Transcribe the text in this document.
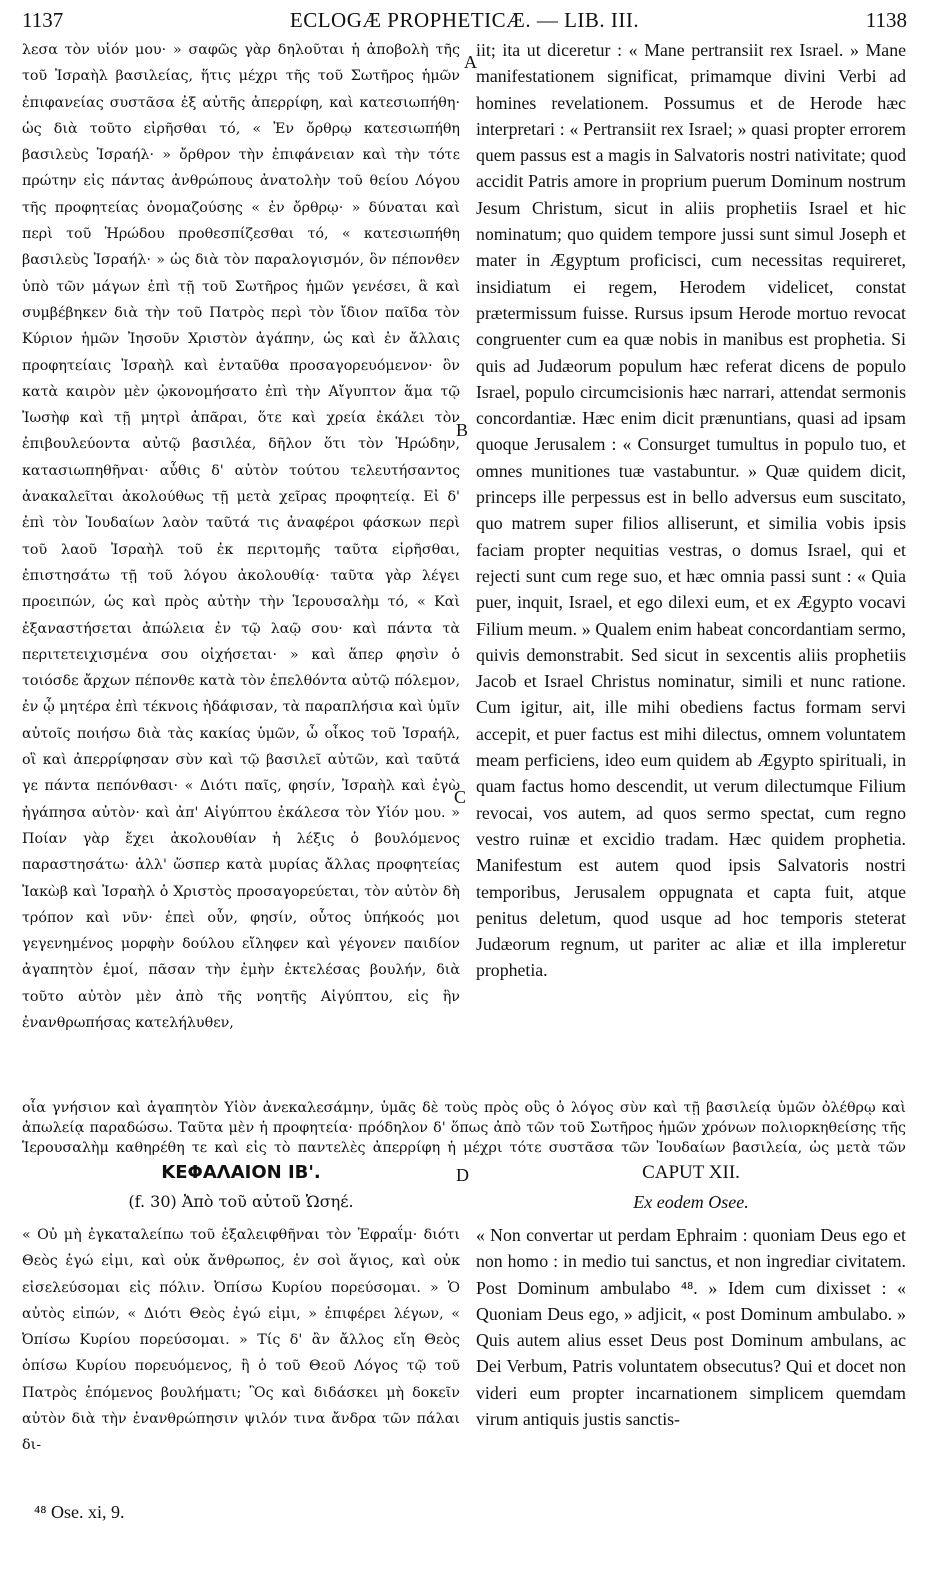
1137	ECLOGÆ PROPHETICÆ. — LIB. III.	1138
λεσα τὸν υἱόν μου· » σαφῶς γὰρ δηλοῦται ἡ ἀποβολὴ τῆς τοῦ Ἰσραὴλ βασιλείας, ἥτις μέχρι τῆς τοῦ Σωτῆρος ἡμῶν ἐπιφανείας συστᾶσα ἐξ αὐτῆς ἀπερρίφη, καὶ κατεσιωπήθη· ὡς διὰ τοῦτο εἰρῆσθαι τό, « Ἐν ὄρθρῳ κατεσιωπήθη βασιλεὺς Ἰσραήλ· » ὄρθρον τὴν ἐπιφάνειαν καὶ τὴν τότε πρώτην εἰς πάντας ἀνθρώπους ἀνατολὴν τοῦ θείου Λόγου τῆς προφητείας ὀνομαζούσης « ἐν ὄρθρῳ· » δύναται καὶ περὶ τοῦ Ἡρώδου προθεσπίζεσθαι τό, « κατεσιωπήθη βασιλεὺς Ἰσραήλ· » ὡς διὰ τὸν παραλογισμόν, ὃν πέπονθεν ὑπὸ τῶν μάγων ἐπὶ τῇ τοῦ Σωτῆρος ἡμῶν γενέσει, ἃ καὶ συμβέβηκεν διὰ τὴν τοῦ Πατρὸς περὶ τὸν ἴδιον παῖδα τὸν Κύριον ἡμῶν Ἰησοῦν Χριστὸν ἀγάπην, ὡς καὶ ἐν ἄλλαις προφητείαις Ἰσραὴλ καὶ ἐνταῦθα προσαγορευόμενον· ὃν κατὰ καιρὸν μὲν ᾠκονομήσατο ἐπὶ τὴν Αἴγυπτον ἅμα τῷ Ἰωσὴφ καὶ τῇ μητρὶ ἀπᾶραι, ὅτε καὶ χρεία ἐκάλει τὸν ἐπιβουλεύοντα αὐτῷ βασιλέα, δῆλον ὅτι τὸν Ἡρώδην, κατασιωπηθῆναι· αὖθις δ' αὐτὸν τούτου τελευτήσαντος ἀνακαλεῖται ἀκολούθως τῇ μετὰ χεῖρας προφητείᾳ. Εἰ δ' ἐπὶ τὸν Ἰουδαίων λαὸν ταῦτά τις ἀναφέροι φάσκων περὶ τοῦ λαοῦ Ἰσραὴλ τοῦ ἐκ περιτομῆς ταῦτα εἰρῆσθαι, ἐπιστησάτω τῇ τοῦ λόγου ἀκολουθίᾳ· ταῦτα γὰρ λέγει προειπών, ὡς καὶ πρὸς αὐτὴν τὴν Ἱερουσαλὴμ τό, « Καὶ ἐξαναστήσεται ἀπώλεια ἐν τῷ λαῷ σου· καὶ πάντα τὰ περιτετειχισμένα σου οἰχήσεται· » καὶ ἅπερ φησὶν ὁ τοιόσδε ἄρχων πέπονθε κατὰ τὸν ἐπελθόντα αὐτῷ πόλεμον, ἐν ᾧ μητέρα ἐπὶ τέκνοις ἠδάφισαν, τὰ παραπλήσια καὶ ὑμῖν αὐτοῖς ποιήσω διὰ τὰς κακίας ὑμῶν, ὦ οἶκος τοῦ Ἰσραήλ, οἳ καὶ ἀπερρίφησαν σὺν καὶ τῷ βασιλεῖ αὐτῶν, καὶ ταῦτά γε πάντα πεπόνθασι· « Διότι παῖς, φησίν, Ἰσραὴλ καὶ ἐγὼ ἠγάπησα αὐτὸν· καὶ ἀπ' Αἰγύπτου ἐκάλεσα τὸν Υἱόν μου. » Ποίαν γὰρ ἔχει ἀκολουθίαν ἡ λέξις ὁ βουλόμενος παραστησάτω· ἀλλ' ὥσπερ κατὰ μυρίας ἄλλας προφητείας Ἰακὼβ καὶ Ἰσραὴλ ὁ Χριστὸς προσαγορεύεται, τὸν αὐτὸν δὴ τρόπον καὶ νῦν· ἐπεὶ οὖν, φησίν, οὗτος ὑπήκοός μοι γεγενημένος μορφὴν δούλου εἴληφεν καὶ γέγονεν παιδίον ἀγαπητὸν ἐμοί, πᾶσαν τὴν ἐμὴν ἐκτελέσας βουλήν, διὰ τοῦτο αὐτὸν μὲν ἀπὸ τῆς νοητῆς Αἰγύπτου, εἰς ἣν ἐνανθρωπήσας κατελήλυθεν,
iit; ita ut diceretur : « Mane pertransiit rex Israel. » Mane manifestationem significat, primamque divini Verbi ad homines revelationem. Possumus et de Herode hæc interpretari : « Pertransiit rex Israel; » quasi propter errorem quem passus est a magis in Salvatoris nostri nativitate; quod accidit Patris amore in proprium puerum Dominum nostrum Jesum Christum, sicut in aliis prophetiis Israel et hic nominatum; quo quidem tempore jussi sunt simul Joseph et mater in Ægyptum proficisci, cum necessitas requireret, insidiatum ei regem, Herodem videlicet, constat prætermissum fuisse. Rursus ipsum Herode mortuo revocat congruenter cum ea quæ nobis in manibus est prophetia. Si quis ad Judæorum populum hæc referat dicens de populo Israel, populo circumcisionis hæc narrari, attendat sermonis concordantiæ. Hæc enim dicit prænuntians, quasi ad ipsam quoque Jerusalem : « Consurget tumultus in populo tuo, et omnes munitiones tuæ vastabuntur. » Quæ quidem dicit, princeps ille perpessus est in bello adversus eum suscitato, quo matrem super filios alliserunt, et similia vobis ipsis faciam propter nequitias vestras, o domus Israel, qui et rejecti sunt cum rege suo, et hæc omnia passi sunt : « Quia puer, inquit, Israel, et ego dilexi eum, et ex Ægypto vocavi Filium meum. » Qualem enim habeat concordantiam sermo, quivis demonstrabit. Sed sicut in sexcentis aliis prophetiis Jacob et Israel Christus nominatur, simili et nunc ratione. Cum igitur, ait, ille mihi obediens factus formam servi accepit, et puer factus est mihi dilectus, omnem voluntatem meam perficiens, ideo eum quidem ab Ægypto spirituali, in quam factus homo descendit, ut verum dilectumque Filium revocai, vos autem, ad quos sermo spectat, cum regno vestro ruinæ et excidio tradam. Hæc quidem prophetia. Manifestum est autem quod ipsis Salvatoris nostri temporibus, Jerusalem oppugnata et capta fuit, atque penitus deletum, quod usque ad hoc temporis steterat Judæorum regnum, ut pariter ac aliæ et illa impleretur prophetia.
A
B
C
D
οἷα γνήσιον καὶ ἀγαπητὸν Υἱὸν ἀνεκαλεσάμην, ὑμᾶς δὲ τοὺς πρὸς οὓς ὁ λόγος σὺν καὶ τῇ βασιλείᾳ ὑμῶν ὀλέθρῳ καὶ ἀπωλείᾳ παραδώσω. Ταῦτα μὲν ἡ προφητεία· πρόδηλον δ' ὅπως ἀπὸ τῶν τοῦ Σωτῆρος ἡμῶν χρόνων πολιορκηθείσης τῆς Ἱερουσαλὴμ καθηρέθη τε καὶ εἰς τὸ παντελὲς ἀπερρίφη ἡ μέχρι τότε συστᾶσα τῶν Ἰουδαίων βασιλεία, ὡς μετὰ τῶν
ΚΕΦΑΛΑΙΟΝ ΙΒ'.
(f. 30) Ἀπὸ τοῦ αὐτοῦ Ὡσηέ.
CAPUT XII.
Ex eodem Osee.
« Οὐ μὴ ἐγκαταλείπω τοῦ ἐξαλειφθῆναι τὸν Ἐφραΐμ· διότι Θεὸς ἐγώ εἰμι, καὶ οὐκ ἄνθρωπος, ἐν σοὶ ἅγιος, καὶ οὐκ εἰσελεύσομαι εἰς πόλιν. Ὀπίσω Κυρίου πορεύσομαι. » Ὁ αὐτὸς εἰπών, « Διότι Θεὸς ἐγώ εἰμι, » ἐπιφέρει λέγων, « Ὀπίσω Κυρίου πορεύσομαι. » Τίς δ' ἂν ἄλλος εἴη Θεὸς ὀπίσω Κυρίου πορευόμενος, ἢ ὁ τοῦ Θεοῦ Λόγος τῷ τοῦ Πατρὸς ἑπόμενος βουλήματι; Ὃς καὶ διδάσκει μὴ δοκεῖν αὐτὸν διὰ τὴν ἐνανθρώπησιν ψιλόν τινα ἄνδρα τῶν πάλαι δι-
« Non convertar ut perdam Ephraim : quoniam Deus ego et non homo : in medio tui sanctus, et non ingrediar civitatem. Post Dominum ambulabo ⁴⁸. » Idem cum dixisset : « Quoniam Deus ego, » adjicit, « post Dominum ambulabo. » Quis autem alius esset Deus post Dominum ambulans, ac Dei Verbum, Patris voluntatem obsecutus? Qui et docet non videri eum propter incarnationem simplicem quemdam virum antiquis justis sanctis-
⁴⁸ Ose. xi, 9.
